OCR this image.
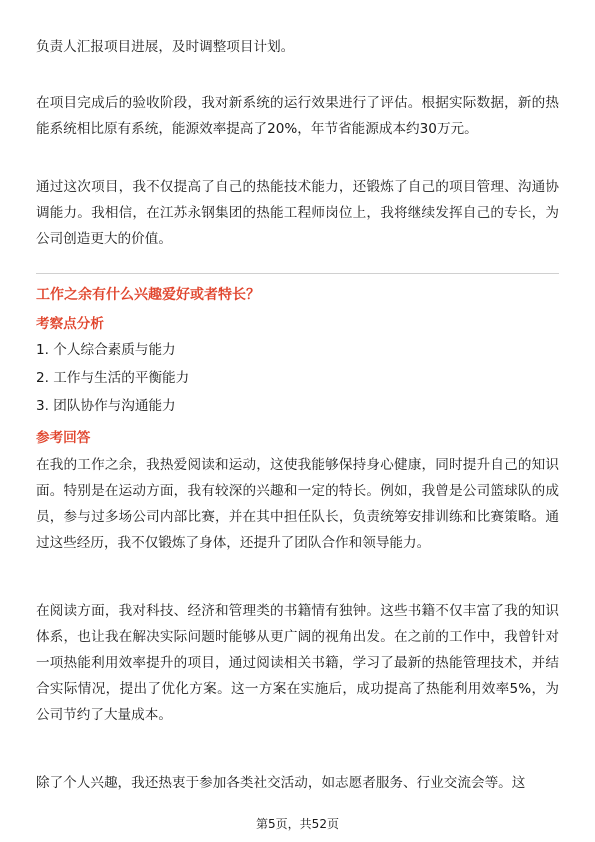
负责人汇报项目进展，及时调整项目计划。

在项目完成后的验收阶段，我对新系统的运行效果进行了评估。根据实际数据，新的热能系统相比原有系统，能源效率提高了20%，年节省能源成本约30万元。

通过这次项目，我不仅提高了自己的热能技术能力，还锻炼了自己的项目管理、沟通协调能力。我相信，在江苏永钢集团的热能工程师岗位上，我将继续发挥自己的专长，为公司创造更大的价值。

工作之余有什么兴趣爱好或者特长？

考察点分析

1. 个人综合素质与能力

2. 工作与生活的平衡能力

3. 团队协作与沟通能力

参考回答

在我的工作之余，我热爱阅读和运动，这使我能够保持身心健康，同时提升自己的知识面。特别是在运动方面，我有较深的兴趣和一定的特长。例如，我曾是公司篮球队的成员，参与过多场公司内部比赛，并在其中担任队长，负责统筹安排训练和比赛策略。通过这些经历，我不仅锻炼了身体，还提升了团队合作和领导能力。

在阅读方面，我对科技、经济和管理类的书籍情有独钟。这些书籍不仅丰富了我的知识体系，也让我在解决实际问题时能够从更广阔的视角出发。在之前的工作中，我曾针对一项热能利用效率提升的项目，通过阅读相关书籍，学习了最新的热能管理技术，并结合实际情况，提出了优化方案。这一方案在实施后，成功提高了热能利用效率5%，为公司节约了大量成本。

除了个人兴趣，我还热衷于参加各类社交活动，如志愿者服务、行业交流会等。这

第5页，共52页
